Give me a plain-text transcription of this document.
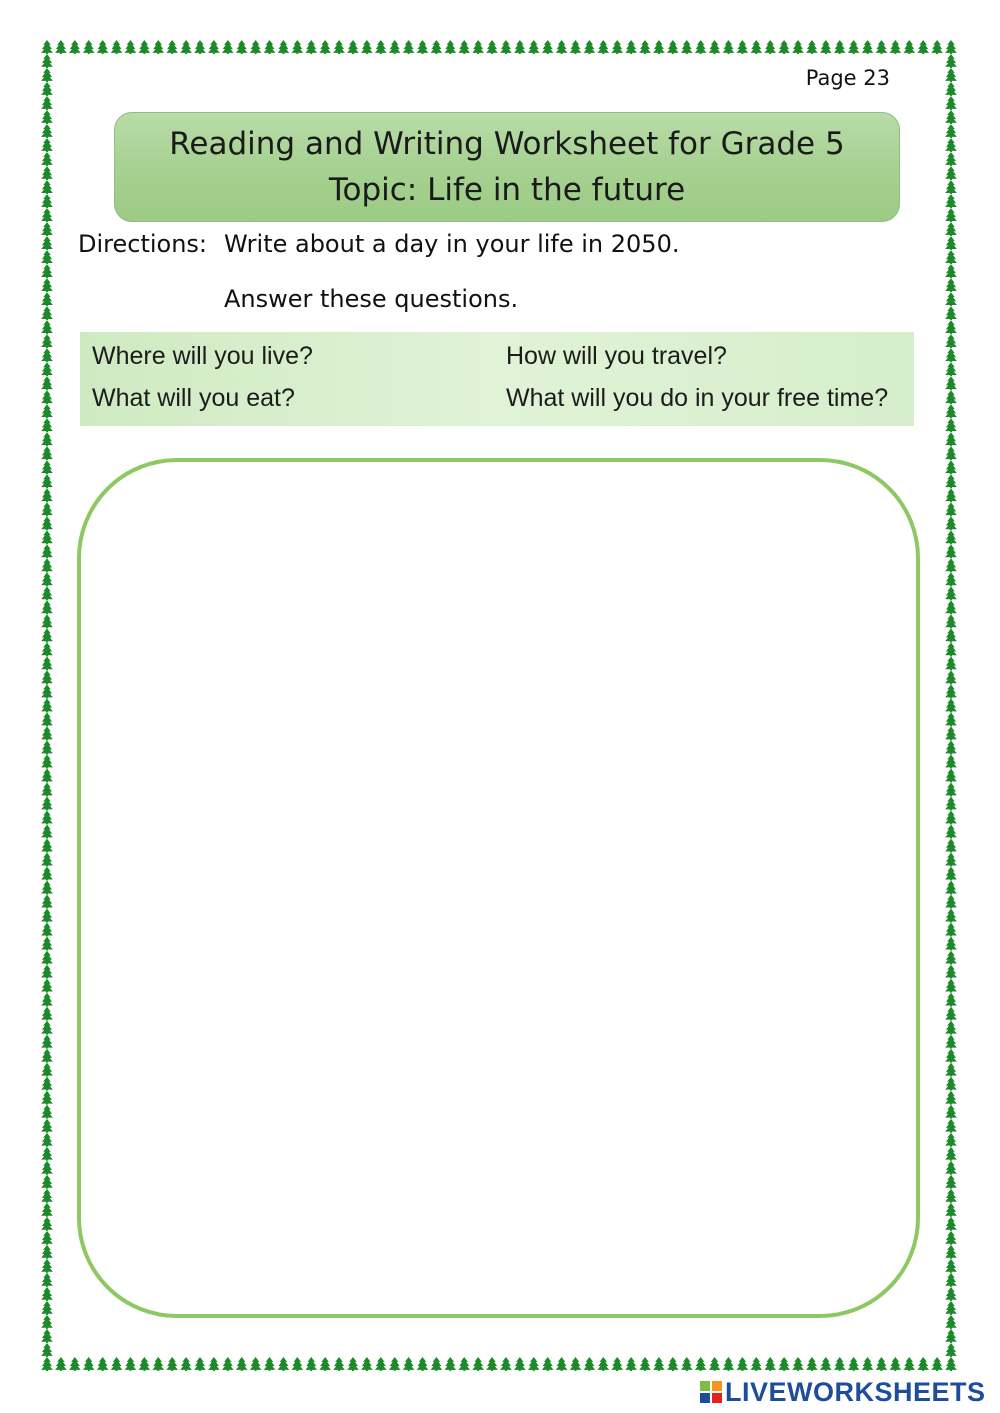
Page 23
Reading and Writing Worksheet for Grade 5
Topic: Life in the future
Directions: Write about a day in your life in 2050.
Answer these questions.
Where will you live?	How will you travel?
What will you eat?	What will you do in your free time?
LIVEWORKSHEETS
